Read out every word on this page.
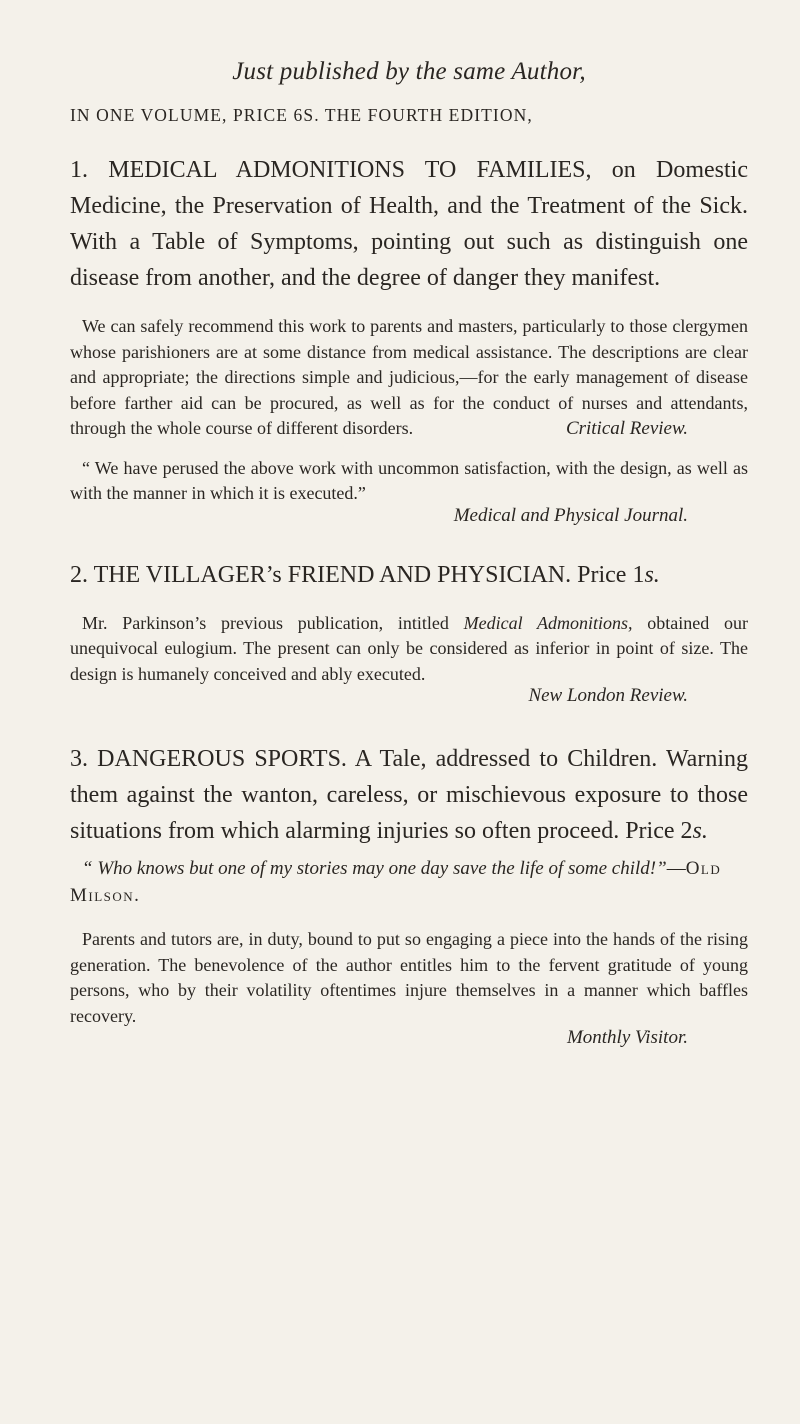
Just published by the same Author,
IN ONE VOLUME, PRICE 6S. THE FOURTH EDITION,

1. MEDICAL ADMONITIONS TO FAMILIES, on Domestic Medicine, the Preservation of Health, and the Treatment of the Sick. With a Table of Symptoms, pointing out such as distinguish one disease from another, and the degree of danger they manifest.

We can safely recommend this work to parents and masters, particularly to those clergymen whose parishioners are at some distance from medical assistance. The descriptions are clear and appropriate; the directions simple and judicious,—for the early management of disease before farther aid can be procured, as well as for the conduct of nurses and attendants, through the whole course of different disorders.	Critical Review.

“ We have perused the above work with uncommon satisfaction, with the design, as well as with the manner in which it is executed.”

Medical and Physical Journal.

2. THE VILLAGER’s FRIEND AND PHYSICIAN. Price 1s.

Mr. Parkinson’s previous publication, intitled Medical Admonitions, obtained our unequivocal eulogium. The present can only be considered as inferior in point of size. The design is humanely conceived and ably executed.

New London Review.

3. DANGEROUS SPORTS. A Tale, addressed to Children. Warning them against the wanton, careless, or mischievous exposure to those situations from which alarming injuries so often proceed. Price 2s.

“ Who knows but one of my stories may one day save the life of some child!”—Old Milson.

Parents and tutors are, in duty, bound to put so engaging a piece into the hands of the rising generation. The benevolence of the author entitles him to the fervent gratitude of young persons, who by their volatility oftentimes injure themselves in a manner which baffles recovery.

Monthly Visitor.
